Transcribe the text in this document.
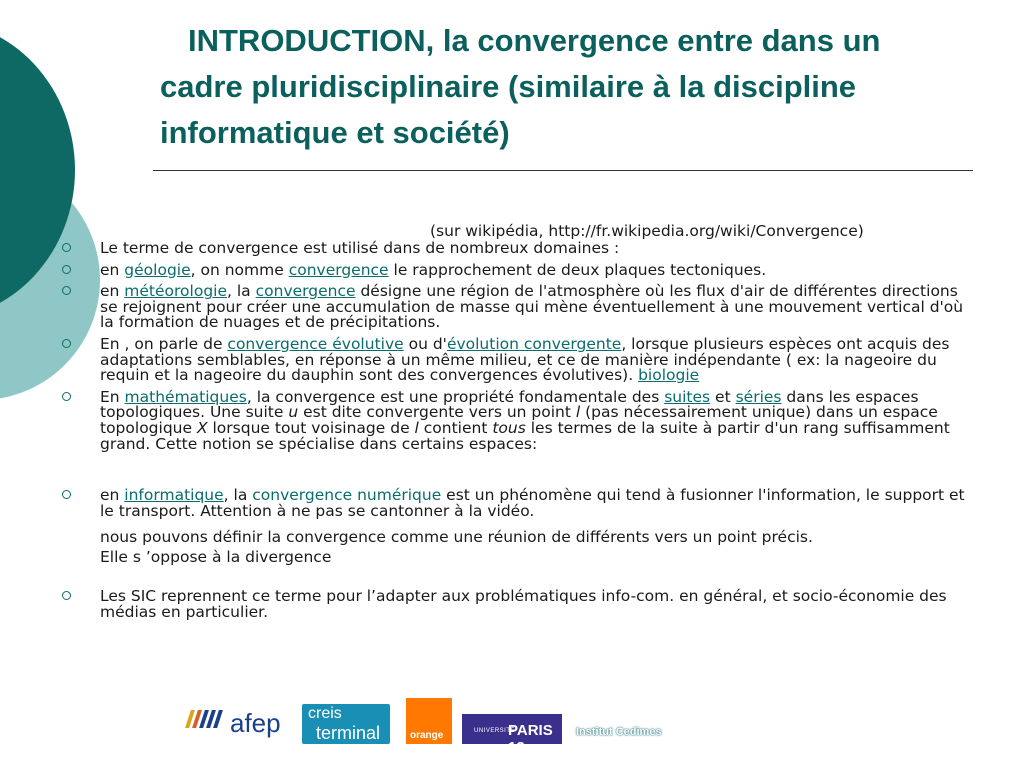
INTRODUCTION, la convergence entre dans un
cadre pluridisciplinaire (similaire à la discipline
informatique et société)
(sur wikipédia, http://fr.wikipedia.org/wiki/Convergence)
Le terme de convergence est utilisé dans de nombreux domaines :
en géologie, on nomme convergence le rapprochement de deux plaques tectoniques.
en météorologie, la convergence désigne une région de l'atmosphère où les flux d'air de différentes directions se rejoignent pour créer une accumulation de masse qui mène éventuellement à une mouvement vertical d'où la formation de nuages et de précipitations.
En , on parle de convergence évolutive ou d'évolution convergente, lorsque plusieurs espèces ont acquis des adaptations semblables, en réponse à un même milieu, et ce de manière indépendante ( ex: la nageoire du requin et la nageoire du dauphin sont des convergences évolutives). biologie
En mathématiques, la convergence est une propriété fondamentale des suites et séries dans les espaces topologiques. Une suite u est dite convergente vers un point l (pas nécessairement unique) dans un espace topologique X lorsque tout voisinage de l contient tous les termes de la suite à partir d'un rang suffisamment grand. Cette notion se spécialise dans certains espaces:
en informatique, la convergence numérique est un phénomène qui tend à fusionner l'information, le support et le transport. Attention à ne pas se cantonner à la vidéo.
nous pouvons définir la convergence comme une réunion de différents vers un point précis.
Elle s ’oppose à la divergence
Les SIC reprennent ce terme pour l’adapter aux problématiques info-com. en général, et socio-économie des médias en particulier.
afep creis
terminal	orange	UNIVERSITÉ
PARIS 13
Institut Cedimes
